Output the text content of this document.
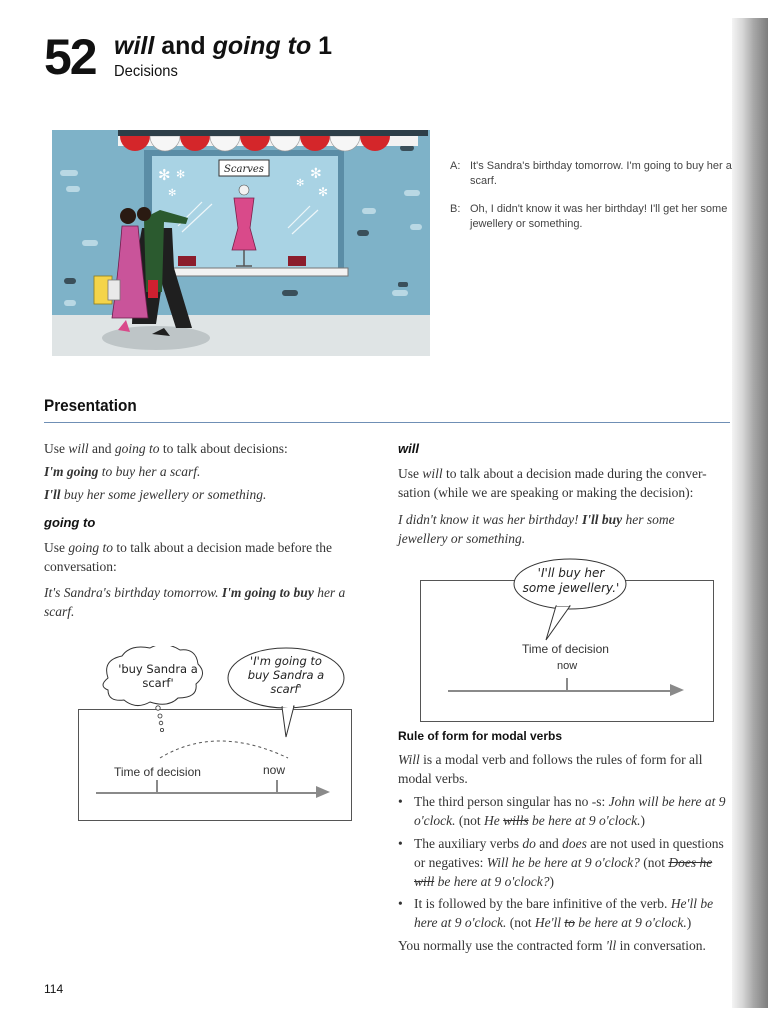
52 will and going to 1
Decisions
Scarves
✻ ✻
✻
✻
✻
✻
A: It's Sandra's birthday tomorrow. I'm going to buy her a scarf.
B: Oh, I didn't know it was her birthday! I'll get her some jewellery or something.
Presentation
Use will and going to to talk about decisions:
I'm going to buy her a scarf.
I'll buy her some jewellery or something.
going to
Use going to to talk about a decision made before the conversation:
It's Sandra's birthday tomorrow. I'm going to buy her a scarf.
'buy Sandra a scarf'
'I'm going to buy Sandra a scarf'
Time of decision	now
will
Use will to talk about a decision made during the conver-sation (while we are speaking or making the decision):
I didn't know it was her birthday! I'll buy her some jewellery or something.
'I'll buy her some jewellery.'
Time of decision
now
Rule of form for modal verbs
Will is a modal verb and follows the rules of form for all modal verbs.
• The third person singular has no -s: John will be here at 9 o'clock. (not He wills be here at 9 o'clock.)
• The auxiliary verbs do and does are not used in questions or negatives: Will he be here at 9 o'clock? (not Does he will be here at 9 o'clock?)
• It is followed by the bare infinitive of the verb. He'll be here at 9 o'clock. (not He'll to be here at 9 o'clock.)
You normally use the contracted form 'll in conversation.
114
